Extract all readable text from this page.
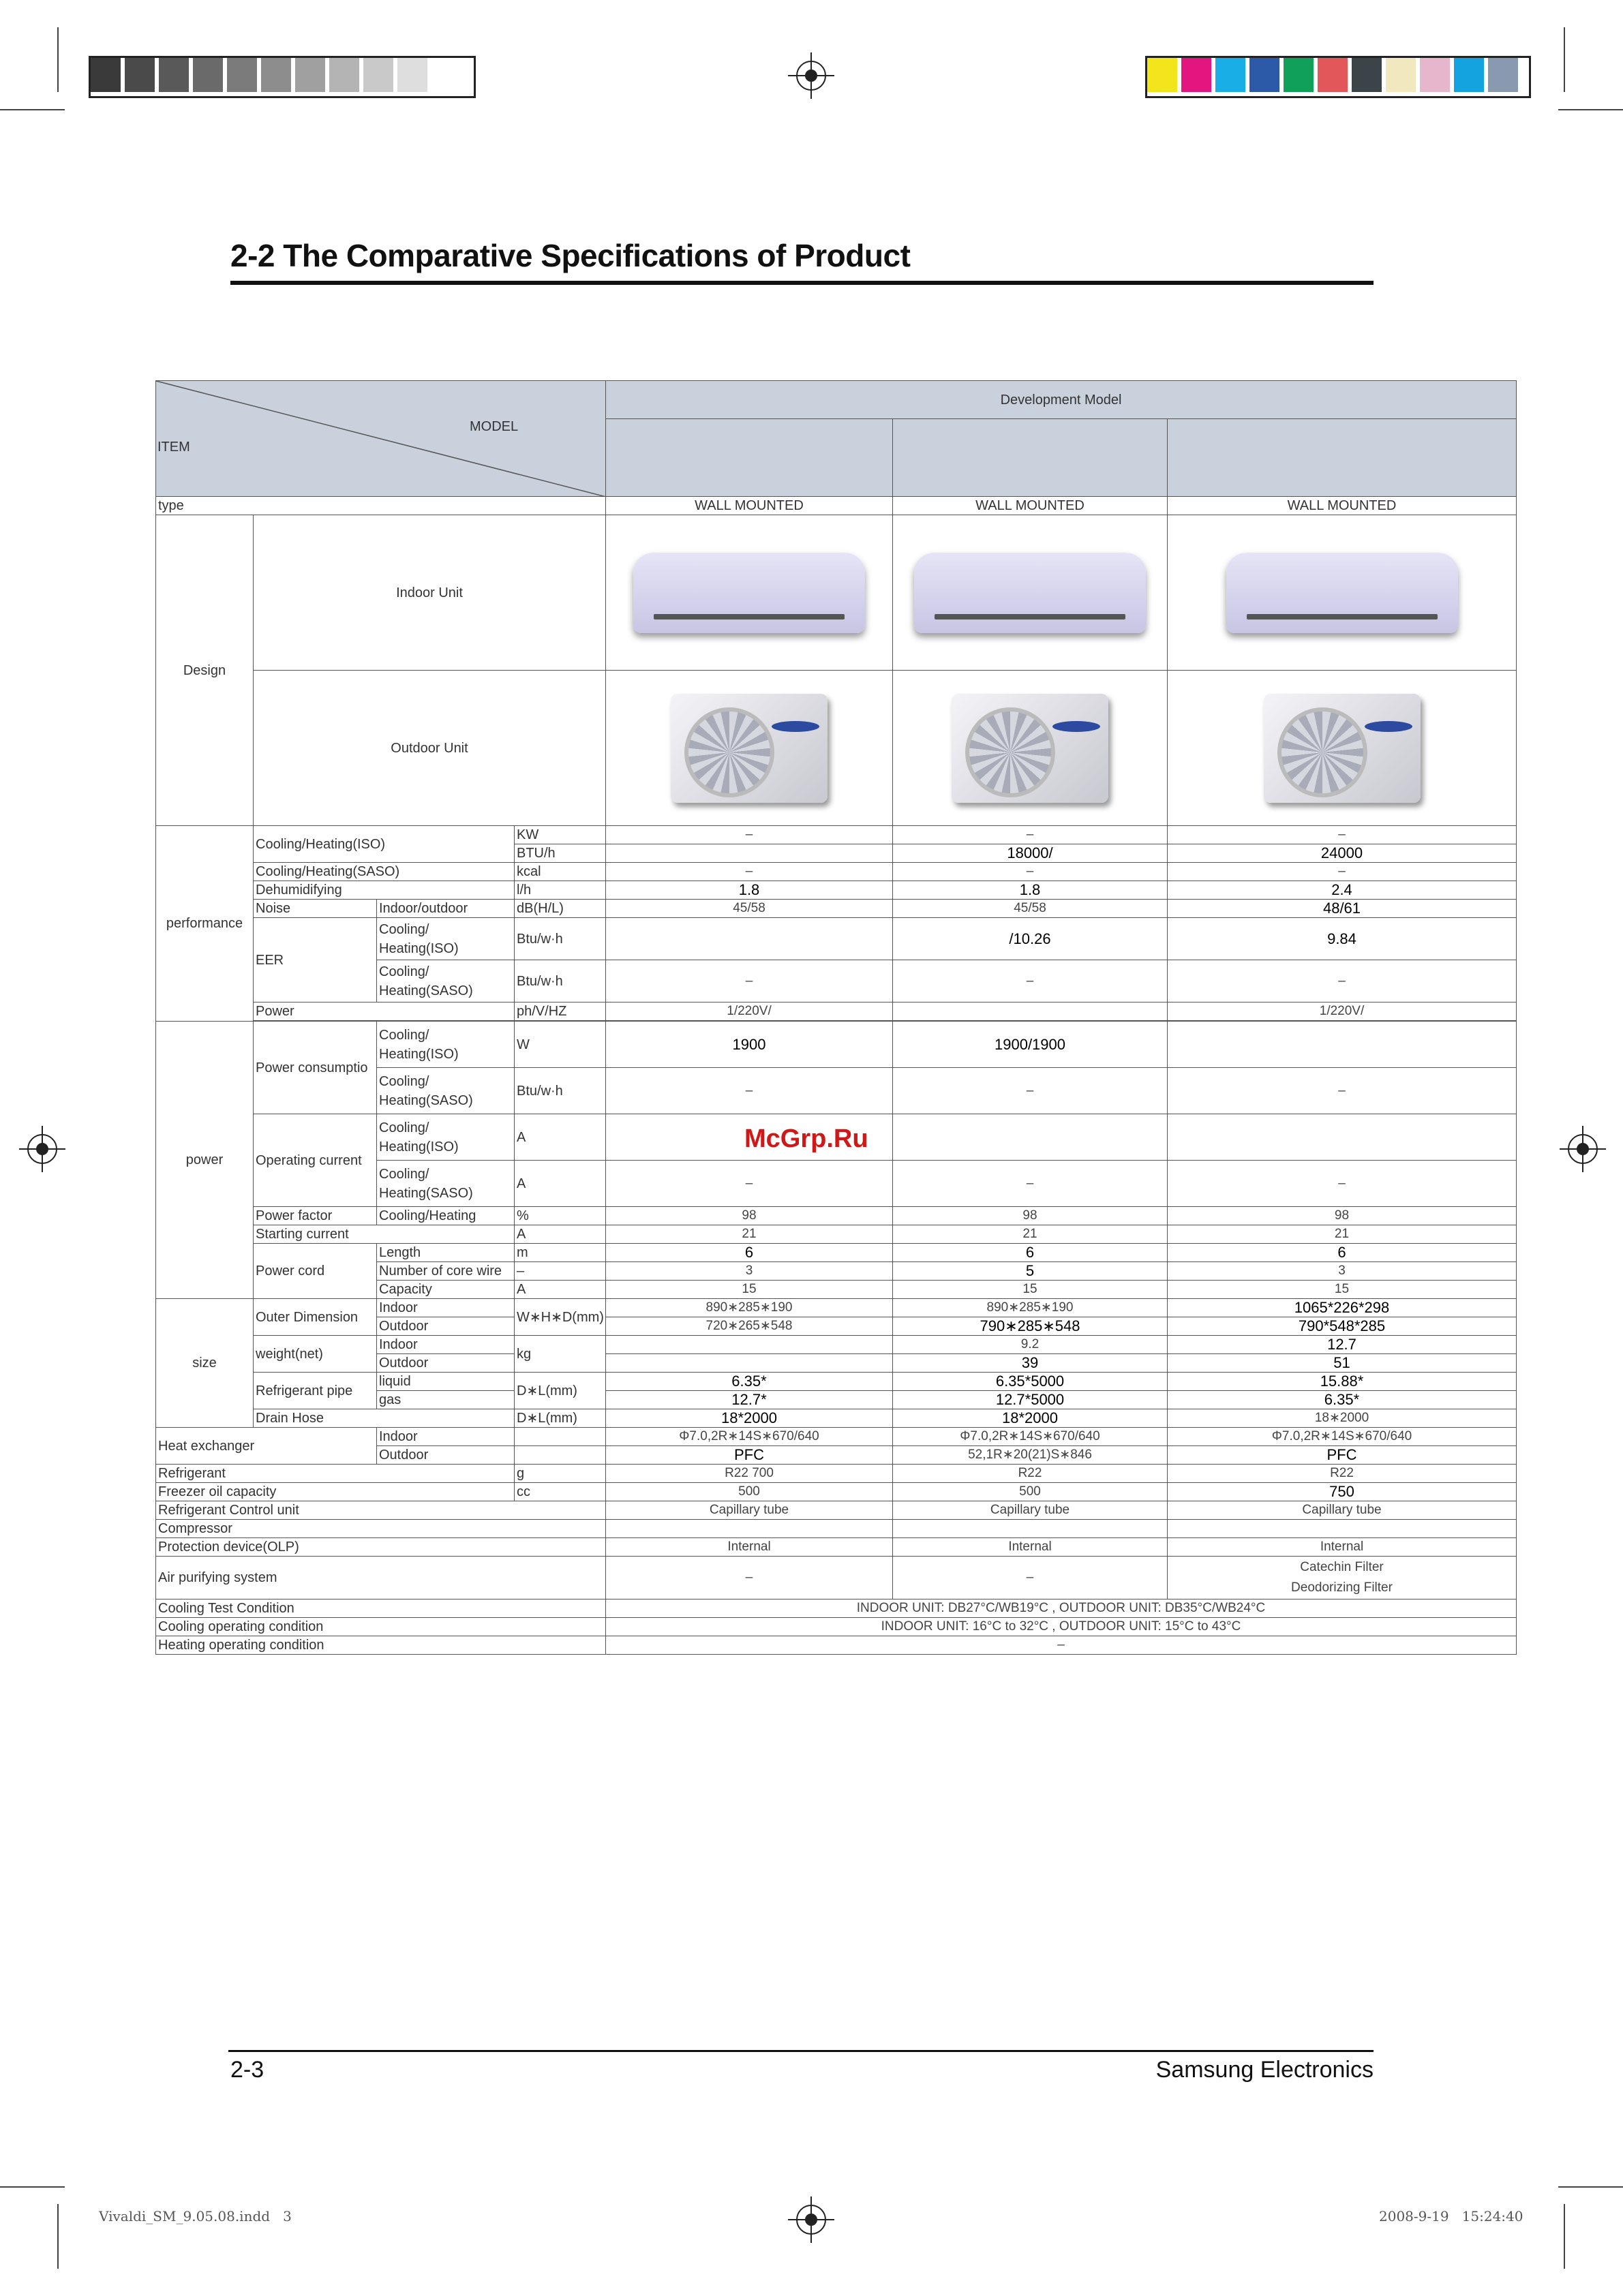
2-2 The Comparative Specifications of Product
MODEL
ITEM				Development Model		

type				WALL MOUNTED	WALL MOUNTED	WALL MOUNTED
Design	Indoor Unit			

	Outdoor Unit			

performance	Cooling/Heating(ISO)		KW	–	–	–
			BTU/h		18000/	24000
	Cooling/Heating(SASO)		kcal	–	–	–
	Dehumidifying		l/h	1.8	1.8	2.4
	Noise	Indoor/outdoor	dB(H/L)	45/58	45/58	48/61
	EER	Cooling/ Heating(ISO)	Btu/w·h		/10.26	9.84
		Cooling/ Heating(SASO)	Btu/w·h	–	–	–
	Power		ph/V/HZ	1/220V/		1/220V/

power	Power consumptio	Cooling/ Heating(ISO)	W	1900	1900/1900	
		Cooling/ Heating(SASO)	Btu/w·h	–	–	–
	Operating current	Cooling/ Heating(ISO)	A			
		Cooling/ Heating(SASO)	A	–	–	–
	Power factor	Cooling/Heating	%	98	98	98
	Starting current		A	21	21	21
	Power cord	Length	m	6	6	6
		Number of core wire	–	3	5	3
		Capacity	A	15	15	15
size	Outer Dimension	Indoor	W∗H∗D(mm)	890∗285∗190	890∗285∗190	1065*226*298
		Outdoor		720∗265∗548	790∗285∗548	790*548*285
	weight(net)	Indoor	kg		9.2	12.7
		Outdoor			39	51
	Refrigerant pipe	liquid	D∗L(mm)	6.35*	6.35*5000	15.88*
		gas		12.7*	12.7*5000	6.35*
	Drain Hose		D∗L(mm)	18*2000	18*2000	18∗2000
Heat exchanger		Indoor		Φ7.0,2R∗14S∗670/640	Φ7.0,2R∗14S∗670/640	Φ7.0,2R∗14S∗670/640
		Outdoor		PFC	52,1R∗20(21)S∗846	PFC
Refrigerant			g	R22 700	R22	R22
Freezer oil capacity			cc	500	500	750
Refrigerant Control unit				Capillary tube	Capillary tube	Capillary tube
Compressor						
Protection device(OLP)				Internal	Internal	Internal
Air purifying system				–	–	Catechin Filter
Deodorizing Filter

Cooling Test Condition				INDOOR UNIT: DB27°C/WB19°C , OUTDOOR UNIT: DB35°C/WB24°C		
Cooling operating condition				INDOOR UNIT: 16°C to 32°C , OUTDOOR UNIT: 15°C to 43°C		
Heating operating condition				–		
McGrp.Ru
2-3	Samsung Electronics
Vivaldi_SM_9.05.08.indd   3	2008-9-19   15:24:40
